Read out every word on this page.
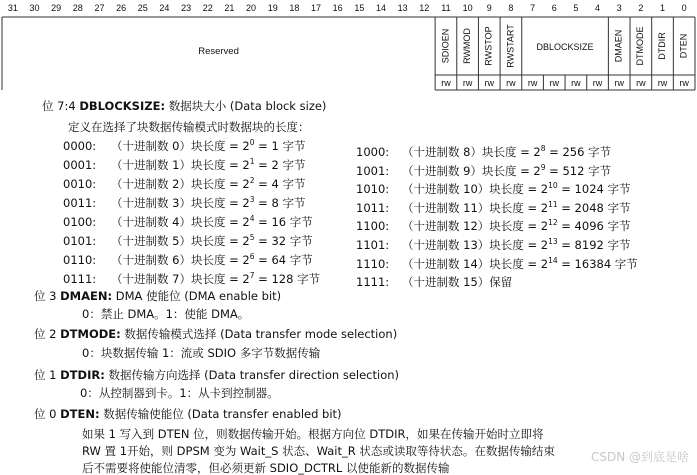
31 30 29 28 27 26 25 24 23 22 21 20 19 18 17 16 15 14 13 12 11 10 9 8 7 6 5 4 3 2 1 0
Reserved	SDIOEN
rw
RWMOD
rw
RWSTOP
rw
RWSTART
rw
DBLOCKSIZE
rw rw rw rw
DMAEN
rw
DTMODE
rw
DTDIR
rw
DTEN
rw
位 7:4 DBLOCKSIZE: 数据块大小 (Data block size)
定义在选择了块数据传输模式时数据块的长度：
0000: （十进制数 0）块长度 = $2^0 = 1$ 字节
0001: （十进制数 1）块长度 = $2^1 = 2$ 字节
0010: （十进制数 2）块长度 = $2^2 = 4$ 字节
0011: （十进制数 3）块长度 = $2^3 = 8$ 字节
0100: （十进制数 4）块长度 = $2^4 = 16$ 字节
0101: （十进制数 5）块长度 = $2^5 = 32$ 字节
0110: （十进制数 6）块长度 = $2^6 = 64$ 字节
0111: （十进制数 7）块长度 = $2^7 = 128$ 字节
1000: （十进制数 8）块长度 = $2^8 = 256$ 字节
1001: （十进制数 9）块长度 = $2^9 = 512$ 字节
1010: （十进制数 10）块长度 = $2^{10} = 1024$ 字节
1011: （十进制数 11）块长度 = $2^{11} = 2048$ 字节
1100: （十进制数 12）块长度 = $2^{12} = 4096$ 字节
1101: （十进制数 13）块长度 = $2^{13} = 8192$ 字节
1110: （十进制数 14）块长度 = $2^{14} = 16384$ 字节
1111: （十进制数 15）保留
位 3 DMAEN: DMA 使能位 (DMA enable bit)
0：禁止 DMA。1：使能 DMA。
位 2 DTMODE: 数据传输模式选择 (Data transfer mode selection)
0：块数据传输 1：流或 SDIO 多字节数据传输
位 1 DTDIR: 数据传输方向选择 (Data transfer direction selection)
0：从控制器到卡。1：从卡到控制器。
位 0 DTEN: 数据传输使能位 (Data transfer enabled bit)
如果 1 写入到 DTEN 位，则数据传输开始。根据方向位 DTDIR，如果在传输开始时立即将
RW 置 1开始，则 DPSM 变为 Wait_S 状态、Wait_R 状态或读取等待状态。在数据传输结束
后不需要将使能位清零，但必须更新 SDIO_DCTRL 以使能新的数据传输
CSDN @到底是啥
